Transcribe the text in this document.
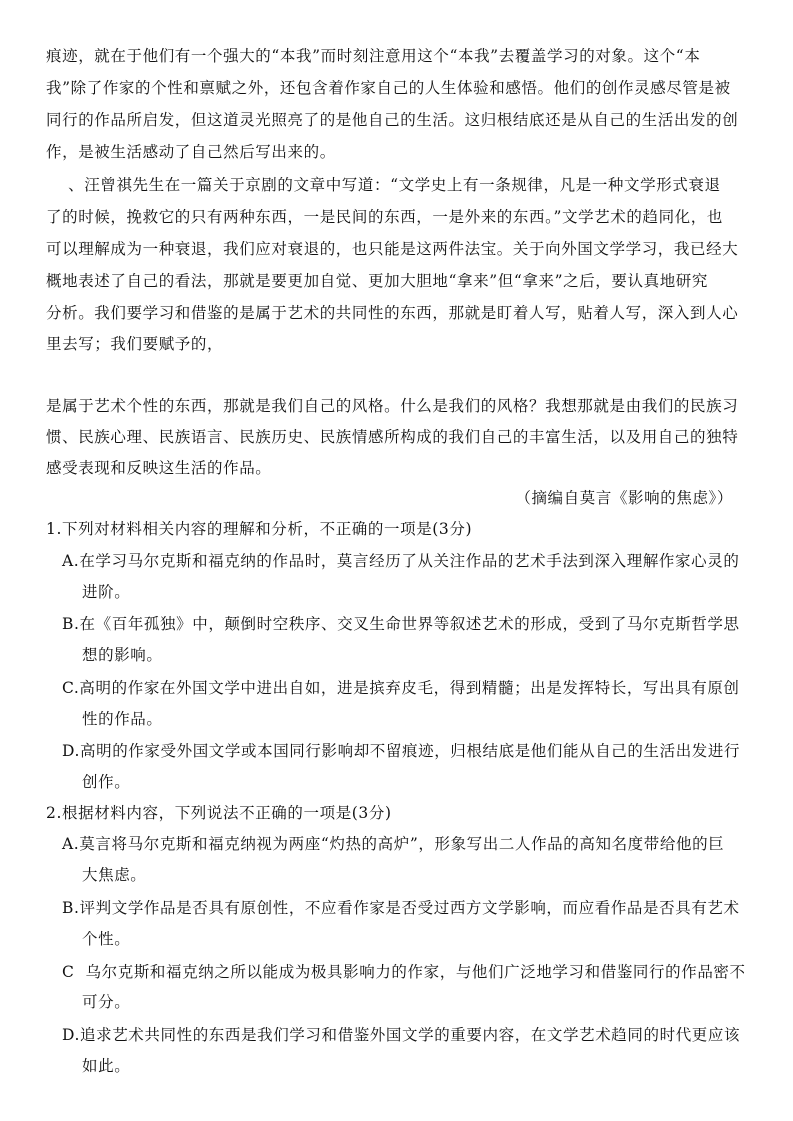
痕迹，就在于他们有一个强大的“本我”而时刻注意用这个“本我”去覆盖学习的对象。这个“本
我”除了作家的个性和禀赋之外，还包含着作家自己的人生体验和感悟。他们的创作灵感尽管是被
同行的作品所启发，但这道灵光照亮了的是他自己的生活。这归根结底还是从自己的生活出发的创
作，是被生活感动了自己然后写出来的。
、汪曾祺先生在一篇关于京剧的文章中写道：“文学史上有一条规律，凡是一种文学形式衰退
了的时候，挽救它的只有两种东西，一是民间的东西，一是外来的东西。”文学艺术的趋同化，也
可以理解成为一种衰退，我们应对衰退的，也只能是这两件法宝。关于向外国文学学习，我已经大
概地表述了自己的看法，那就是要更加自觉、更加大胆地“拿来”但“拿来”之后，要认真地研究
分析。我们要学习和借鉴的是属于艺术的共同性的东西，那就是盯着人写，贴着人写，深入到人心
里去写；我们要赋予的，
是属于艺术个性的东西，那就是我们自己的风格。什么是我们的风格？我想那就是由我们的民族习
惯、民族心理、民族语言、民族历史、民族情感所构成的我们自己的丰富生活，以及用自己的独特
感受表现和反映这生活的作品。
（摘编自莫言《影响的焦虑》）
1.下列对材料相关内容的理解和分析，不正确的一项是(3分)
A.在学习马尔克斯和福克纳的作品时，莫言经历了从关注作品的艺术手法到深入理解作家心灵的
进阶。
B.在《百年孤独》中，颠倒时空秩序、交叉生命世界等叙述艺术的形成，受到了马尔克斯哲学思
想的影响。
C.高明的作家在外国文学中进出自如，进是摈弃皮毛，得到精髓；出是发挥特长，写出具有原创
性的作品。
D.高明的作家受外国文学或本国同行影响却不留痕迹，归根结底是他们能从自己的生活出发进行
创作。
2.根据材料内容，下列说法不正确的一项是(3分)
A.莫言将马尔克斯和福克纳视为两座“灼热的高炉”，形象写出二人作品的高知名度带给他的巨
大焦虑。
B.评判文学作品是否具有原创性，不应看作家是否受过西方文学影响，而应看作品是否具有艺术
个性。
C  乌尔克斯和福克纳之所以能成为极具影响力的作家，与他们广泛地学习和借鉴同行的作品密不
可分。
D.追求艺术共同性的东西是我们学习和借鉴外国文学的重要内容，在文学艺术趋同的时代更应该
如此。
